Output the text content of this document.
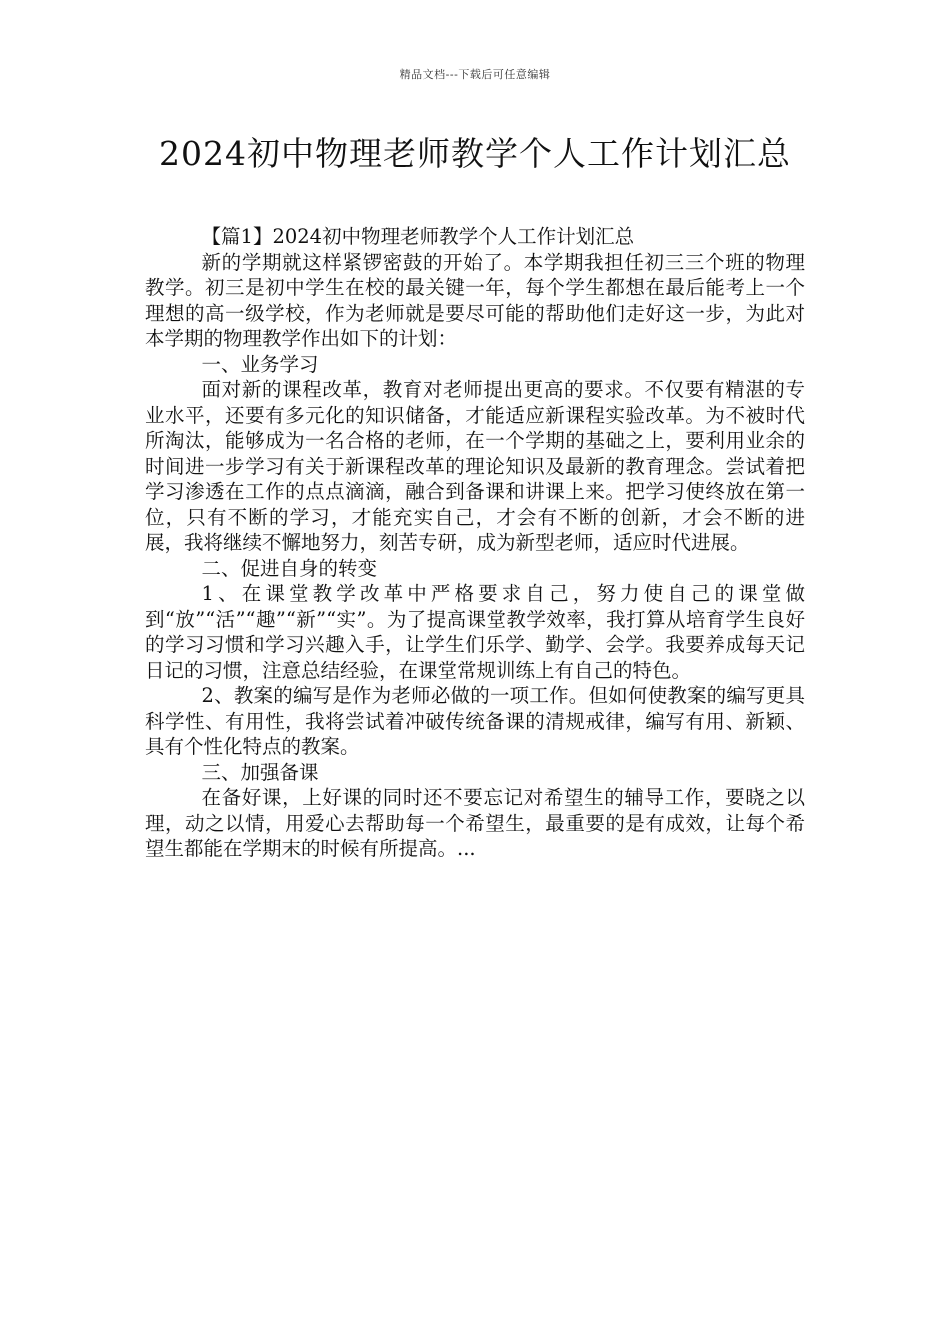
精品文档---下载后可任意编辑
2024初中物理老师教学个人工作计划汇总

【篇1】2024初中物理老师教学个人工作计划汇总

新的学期就这样紧锣密鼓的开始了。本学期我担任初三三个班的物理教学。初三是初中学生在校的最关键一年，每个学生都想在最后能考上一个理想的高一级学校，作为老师就是要尽可能的帮助他们走好这一步，为此对本学期的物理教学作出如下的计划：

一、业务学习

面对新的课程改革，教育对老师提出更高的要求。不仅要有精湛的专业水平，还要有多元化的知识储备，才能适应新课程实验改革。为不被时代所淘汰，能够成为一名合格的老师，在一个学期的基础之上，要利用业余的时间进一步学习有关于新课程改革的理论知识及最新的教育理念。尝试着把学习渗透在工作的点点滴滴，融合到备课和讲课上来。把学习使终放在第一位，只有不断的学习，才能充实自己，才会有不断的创新，才会不断的进展，我将继续不懈地努力，刻苦专研，成为新型老师，适应时代进展。

二、促进自身的转变

1、在课堂教学改革中严格要求自己，努力使自己的课堂做到“放”“活”“趣”“新”“实”。为了提高课堂教学效率，我打算从培育学生良好的学习习惯和学习兴趣入手，让学生们乐学、勤学、会学。我要养成每天记日记的习惯，注意总结经验，在课堂常规训练上有自己的特色。

2、教案的编写是作为老师必做的一项工作。但如何使教案的编写更具科学性、有用性，我将尝试着冲破传统备课的清规戒律，编写有用、新颖、具有个性化特点的教案。

三、加强备课

在备好课，上好课的同时还不要忘记对希望生的辅导工作，要晓之以理，动之以情，用爱心去帮助每一个希望生，最重要的是有成效，让每个希望生都能在学期末的时候有所提高。...
